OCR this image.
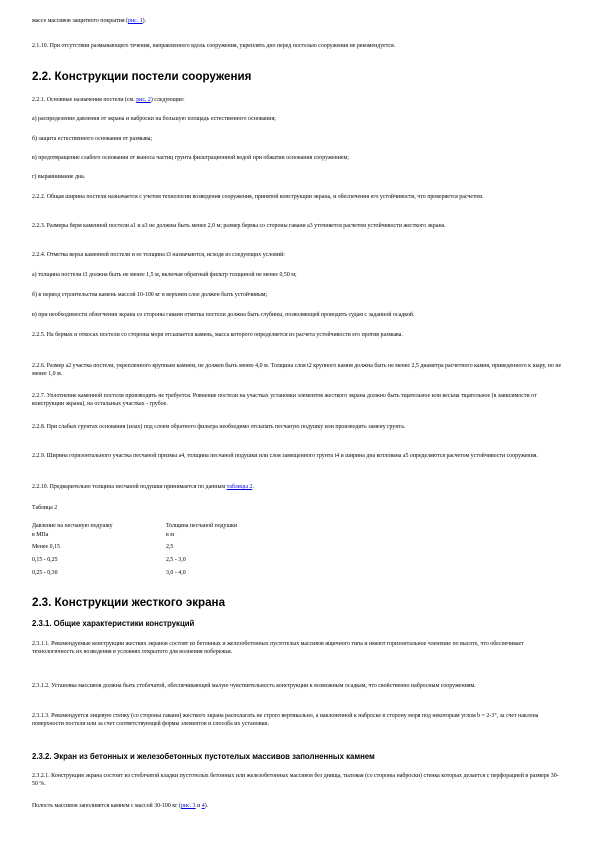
массе массивов защитного покрытия (рис. 1).

2.1.10. При отсутствии размывающего течения, направленного вдоль сооружения, укреплять дно перед постелью сооружения не рекомендуется.

2.2. Конструкции постели сооружения

2.2.1. Основные назначения постели (см. рис. 2) следующие:

а) распределение давления от экрана и наброски на большую площадь естественного основания;

б) защита естественного основания от размыва;

в) предотвращение слабого основания от выноса частиц грунта фильтрационной водой при обжатии основания сооружением;

г) выравнивание дна.

2.2.2. Общая ширина постели назначается с учетом технологии возведения сооружения, принятой конструкции экрана, и обеспечения его устойчивости, что проверяется расчетом.

2.2.3. Размеры берм каменной постели а1 и а3 не должны быть менее 2,0 м; размер бермы со стороны гавани а3 уточняется расчетом устойчивости жесткого экрана.

2.2.4. Отметка верха каменной постели и ее толщина t3 назначаются, исходя из следующих условий:

а) толщина постели t3 должна быть не менее 1,5 м, включая обратный фильтр толщиной не менее 0,50 м;

б) в период строительства камень массой 10-100 кг в верхнем слое должен быть устойчивым;

в) при необходимости облегчения экрана со стороны гавани отметка постели должна быть глубины, позволяющей проводить судам с заданной осадкой.

2.2.5. На бермах и откосах постели со стороны моря отсыпается камень, масса которого определяется из расчета устойчивости его против размыва.

2.2.6. Размер а2 участка постели, укрепленного крупным камнем, не должен быть менее 4,0 м. Толщина слоя t2 крупного камня должна быть не менее 2,5 диаметра расчетного камня, приведенного к шару, но не менее 1,0 м.

2.2.7. Уплотнение каменной постели производить не требуется. Ровнение постели на участках установки элементов жесткого экрана должно быть тщательное или весьма тщательное (в зависимости от конструкции экрана), на остальных участках - грубое.

2.2.8. При слабых грунтах основания (илах) под слоем обратного фильтра необходимо отсыпать песчаную подушку или производить замену грунта.

2.2.9. Ширина горизонтального участка песчаной призмы а4, толщина песчаной подушки или слоя замещенного грунта t4 и ширина дна котлована а5 определяются расчетом устойчивости сооружения.

2.2.10. Предварительно толщина песчаной подушки принимается по данным таблицы 2.

Таблица 2

Давление на песчаную подушку	Толщина песчаной подушки
в МПа	в м
Менее 0,15	2,5
0,15 - 0,25	2,5 - 3,0
0,25 - 0,30	3,0 - 4,0
2.3. Конструкции жесткого экрана
2.3.1. Общие характеристики конструкций

2.3.1.1. Рекомендуемые конструкции жестких экранов состоят из бетонных и железобетонных пустотелых массивов ящичного типа и имеют горизонтальное членение по высоте, что обеспечивает технологичность их возведения в условиях открытого для волнения побережья.

2.3.1.2. Установка массивов должна быть стоблчатой, обеспечивающей малую чувствительность конструкции к возможным осадкам, что свойственно набросным сооружениям.

2.3.1.3. Рекомендуется лицевую стенку (со стороны гавани) жесткого экрана располагать не строго вертикально, а наклоненной к наброске в сторону моря под некоторым углом b = 2-3°, за счет наклона поверхности постели или за счет соответствующей формы элементов и способа их установки.

2.3.2. Экран из бетонных и железобетонных пустотелых массивов заполненных камнем

2.3.2.1. Конструкция экрана состоит из стоблчатой кладки пустотелых бетонных или железобетонных массивов без днища, тыловая (со стороны наброски) стенка которых делается с перфорацией в размере 30-50 %.

Полость массивов заполняется камнем с массой 30-100 кг (рис. 3 и 4).
